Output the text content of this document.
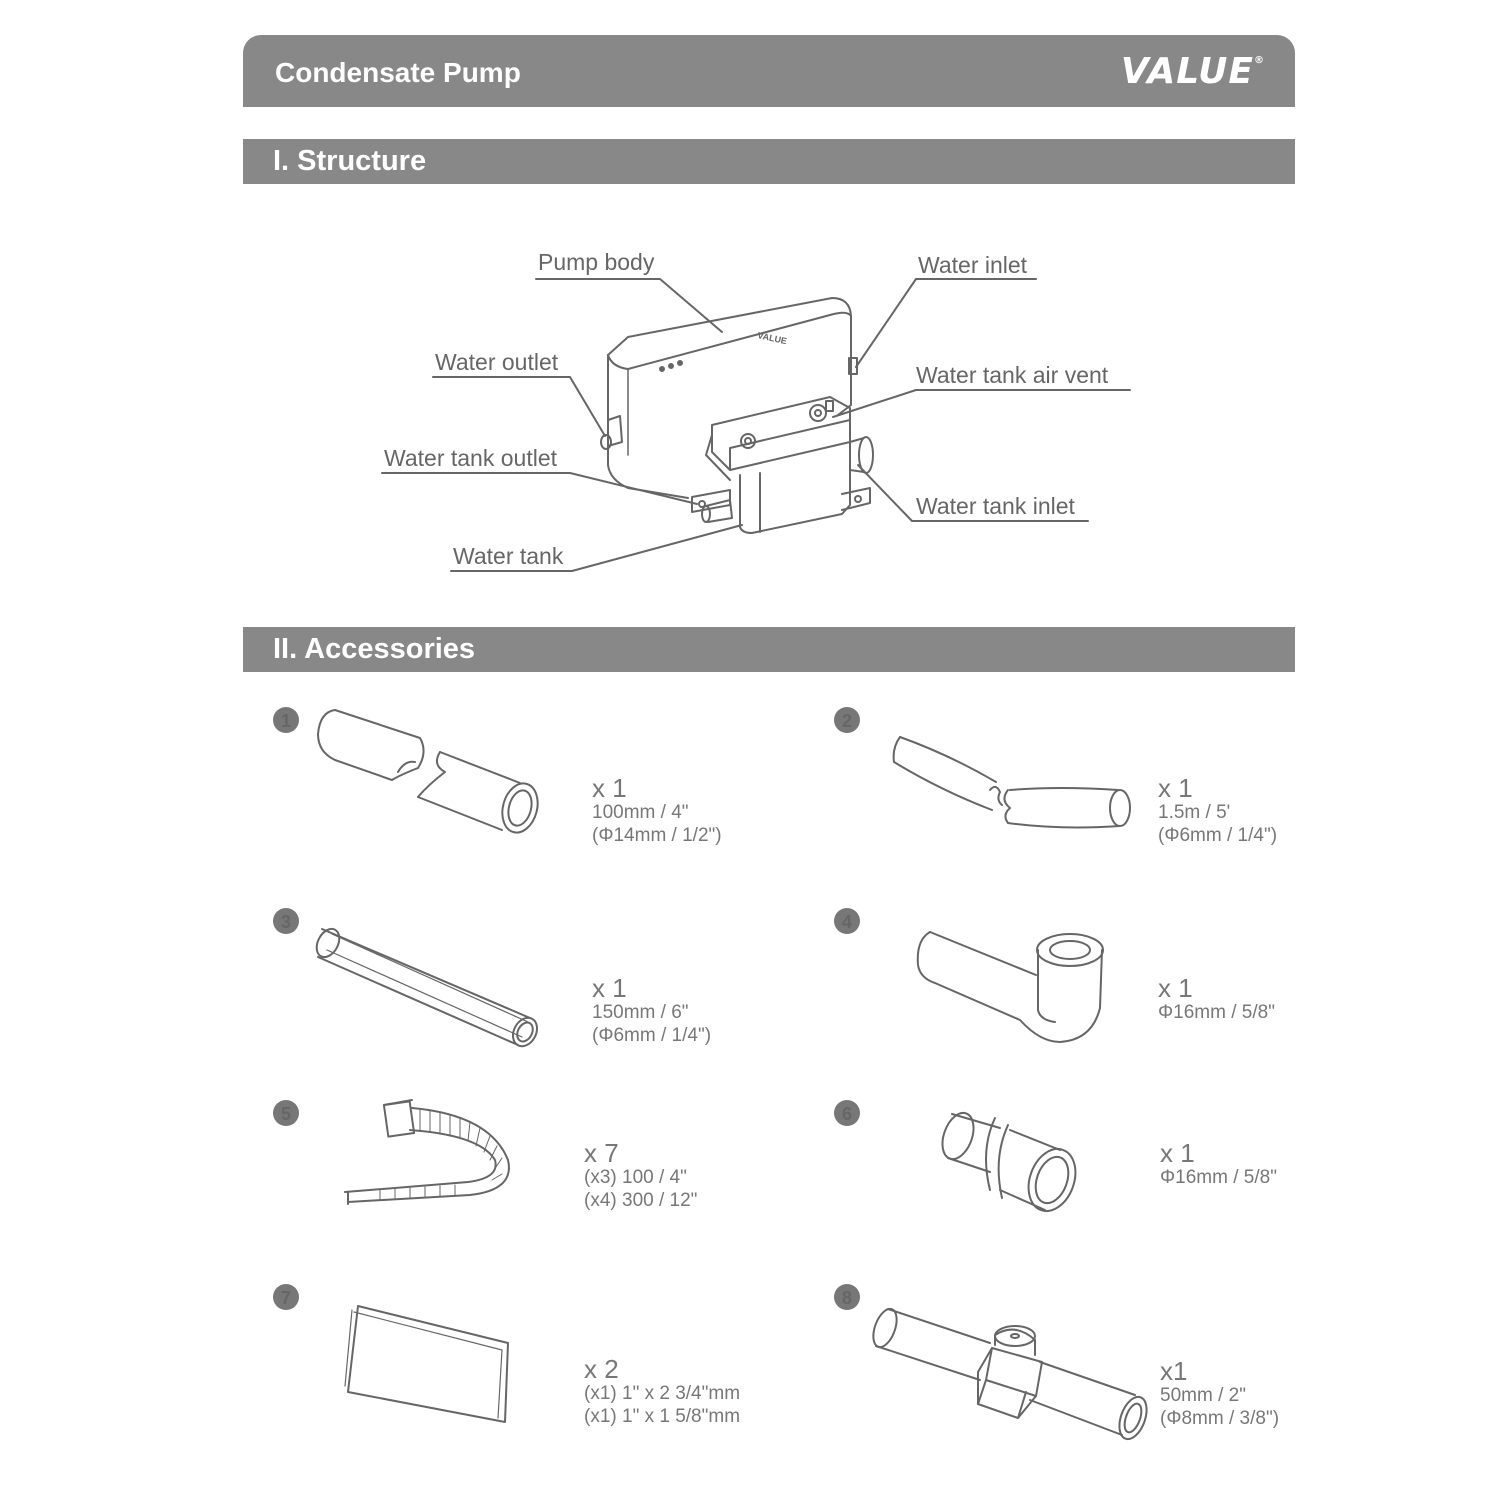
Condensate Pump	VALUE®
I. Structure
II. Accessories
VALUE
Pump body	Water inlet
Water outlet	Water tank air vent
Water tank outlet
Water tank inlet
Water tank
1	2
3	4
5	6
7	8
x 1
100mm / 4"
(Φ14mm / 1/2")
x 1
1.5m / 5'
(Φ6mm / 1/4")
x 1
150mm / 6"
(Φ6mm / 1/4")
x 1
Φ16mm / 5/8"
x 7
(x3) 100 / 4"
(x4) 300 / 12"
x 1
Φ16mm / 5/8"
x 2
(x1) 1" x 2 3/4"mm
(x1) 1" x 1 5/8"mm
x1
50mm / 2"
(Φ8mm / 3/8")
